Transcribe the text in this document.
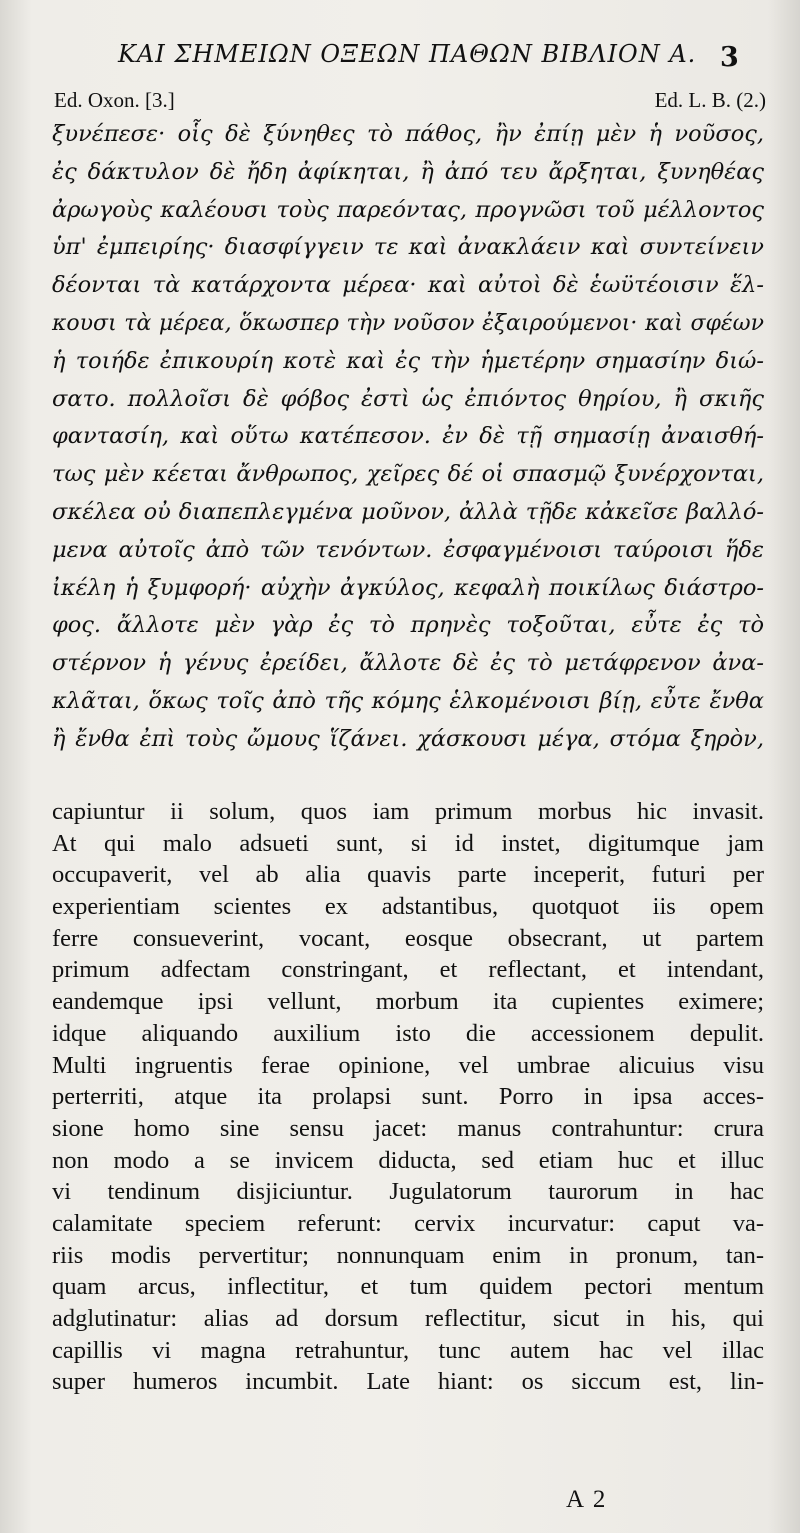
ΚΑΙ ΣΗΜΕΙΩΝ ΟΞΕΩΝ ΠΑΘΩΝ ΒΙΒΛΙΟΝ Α. 3
Ed. Oxon. [3.]	Ed. L. B. (2.)
ξυνέπεσε· οἷς δὲ ξύνηθες τὸ πάθος, ἢν ἐπίῃ μὲν ἡ νοῦσος,
ἐς δάκτυλον δὲ ἤδη ἀφίκηται, ἢ ἀπό τευ ἄρξηται, ξυνηθέας
ἀρωγοὺς καλέουσι τοὺς παρεόντας, προγνῶσι τοῦ μέλλοντος
ὑπ' ἐμπειρίης· διασφίγγειν τε καὶ ἀνακλάειν καὶ συντείνειν
δέονται τὰ κατάρχοντα μέρεα· καὶ αὐτοὶ δὲ ἑωϋτέοισιν ἕλ-
κουσι τὰ μέρεα, ὅκωσπερ τὴν νοῦσον ἐξαιρούμενοι· καὶ σφέων
ἡ τοιήδε ἐπικουρίη κοτὲ καὶ ἐς τὴν ἡμετέρην σημασίην διώ-
σατο. πολλοῖσι δὲ φόβος ἐστὶ ὡς ἐπιόντος θηρίου, ἢ σκιῆς
φαντασίη, καὶ οὕτω κατέπεσον. ἐν δὲ τῇ σημασίῃ ἀναισθή-
τως μὲν κέεται ἄνθρωπος, χεῖρες δέ οἱ σπασμῷ ξυνέρχονται,
σκέλεα οὐ διαπεπλεγμένα μοῦνον, ἀλλὰ τῇδε κἀκεῖσε βαλλό-
μενα αὐτοῖς ἀπὸ τῶν τενόντων. ἐσφαγμένοισι ταύροισι ἥδε
ἰκέλη ἡ ξυμφορή· αὐχὴν ἀγκύλος, κεφαλὴ ποικίλως διάστρο-
φος. ἄλλοτε μὲν γὰρ ἐς τὸ πρηνὲς τοξοῦται, εὖτε ἐς τὸ
στέρνον ἡ γένυς ἐρείδει, ἄλλοτε δὲ ἐς τὸ μετάφρενον ἀνα-
κλᾶται, ὅκως τοῖς ἀπὸ τῆς κόμης ἑλκομένοισι βίῃ, εὖτε ἔνθα
ἢ ἔνθα ἐπὶ τοὺς ὤμους ἵζάνει. χάσκουσι μέγα, στόμα ξηρὸν,
capiuntur ii solum, quos iam primum morbus hic invasit.
At qui malo adsueti sunt, si id instet, digitumque jam
occupaverit, vel ab alia quavis parte inceperit, futuri per
experientiam scientes ex adstantibus, quotquot iis opem
ferre consueverint, vocant, eosque obsecrant, ut partem
primum adfectam constringant, et reflectant, et intendant,
eandemque ipsi vellunt, morbum ita cupientes eximere;
idque aliquando auxilium isto die accessionem depulit.
Multi ingruentis ferae opinione, vel umbrae alicuius visu
perterriti, atque ita prolapsi sunt. Porro in ipsa acces-
sione homo sine sensu jacet: manus contrahuntur: crura
non modo a se invicem diducta, sed etiam huc et illuc
vi tendinum disjiciuntur. Jugulatorum taurorum in hac
calamitate speciem referunt: cervix incurvatur: caput va-
riis modis pervertitur; nonnunquam enim in pronum, tan-
quam arcus, inflectitur, et tum quidem pectori mentum
adglutinatur: alias ad dorsum reflectitur, sicut in his, qui
capillis vi magna retrahuntur, tunc autem hac vel illac
super humeros incumbit. Late hiant: os siccum est, lin-
A 2
